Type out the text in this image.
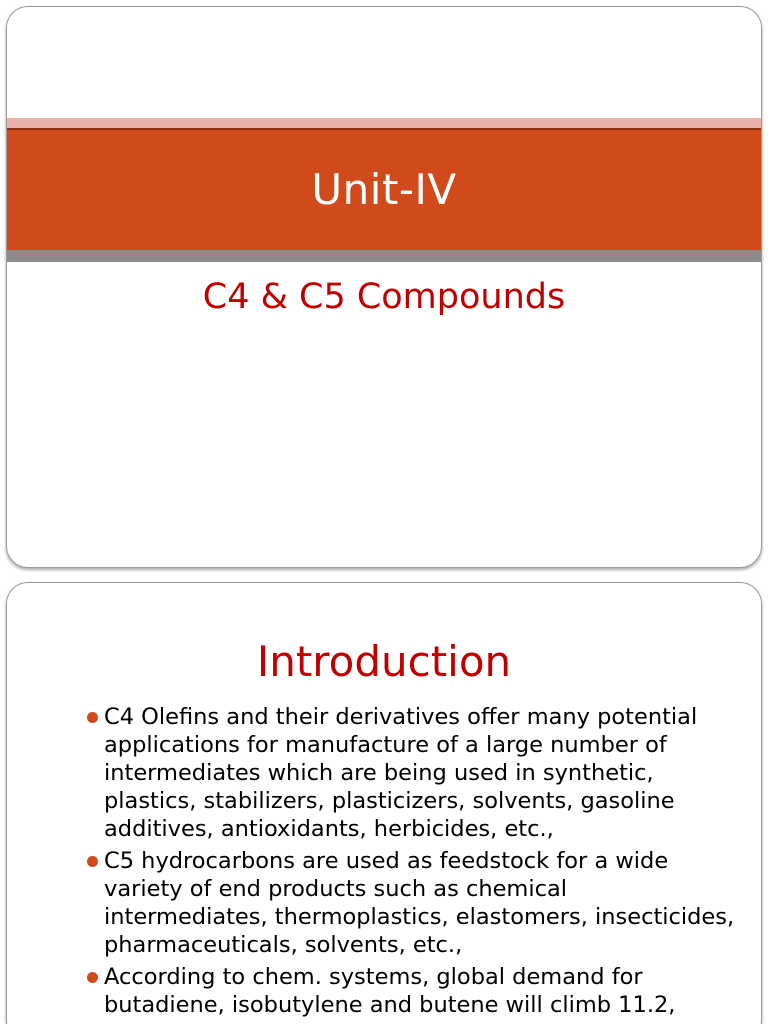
Unit-IV
C4 & C5 Compounds
Introduction
C4 Olefins and their derivatives offer many potential applications for manufacture of a large number of intermediates which are being used in synthetic, plastics, stabilizers, plasticizers, solvents, gasoline additives, antioxidants, herbicides, etc.,
C5 hydrocarbons are used as feedstock for a wide variety of end products such as chemical intermediates, thermoplastics, elastomers, insecticides, pharmaceuticals, solvents, etc.,
According to chem. systems, global demand for butadiene, isobutylene and butene will climb 11.2,
